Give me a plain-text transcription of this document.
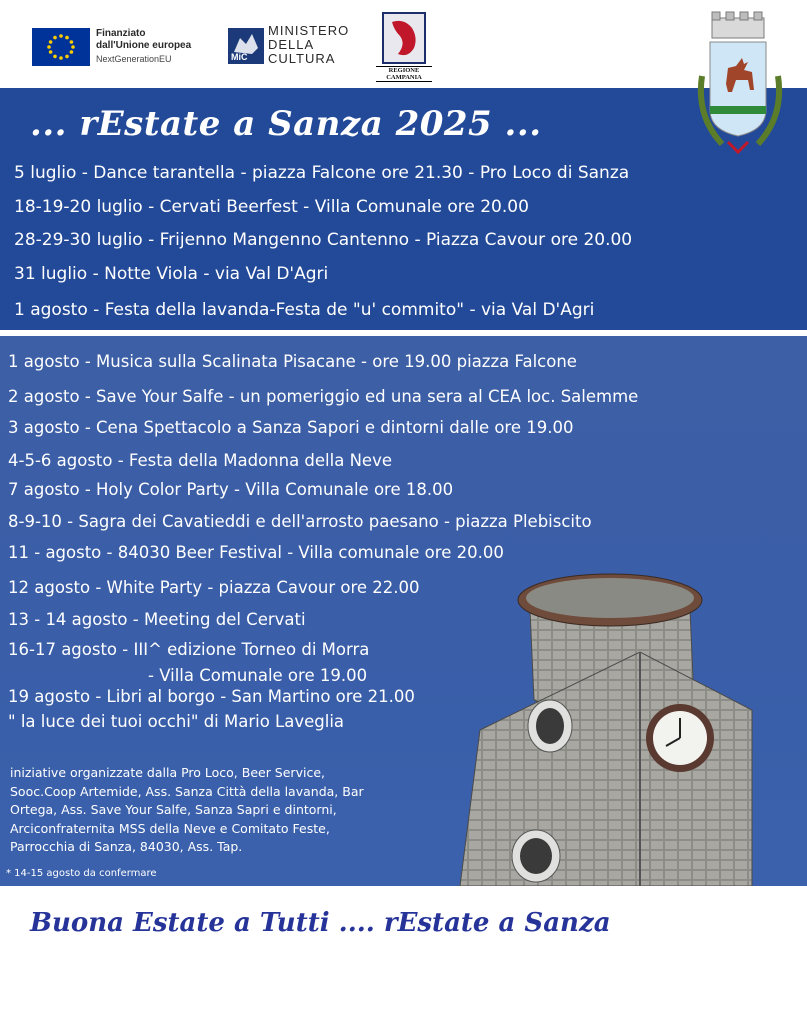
Finanziato
dall'Unione europea
NextGenerationEU	MiC
MINISTERO
DELLA
CULTURA
REGIONE CAMPANIA
... rEstate a Sanza 2025 ...
5 luglio - Dance tarantella - piazza Falcone ore 21.30 - Pro Loco di Sanza
18-19-20 luglio - Cervati Beerfest - Villa Comunale ore 20.00
28-29-30 luglio - Frijenno Mangenno Cantenno - Piazza Cavour ore 20.00
31 luglio - Notte Viola - via Val D'Agri
1 agosto - Festa della lavanda-Festa de "u' commito" - via Val D'Agri
1 agosto - Musica sulla Scalinata Pisacane - ore 19.00 piazza Falcone
2 agosto - Save Your Salfe - un pomeriggio ed una sera al CEA loc. Salemme
3 agosto - Cena Spettacolo a Sanza Sapori e dintorni dalle ore 19.00
4-5-6 agosto - Festa della Madonna della Neve
7 agosto - Holy Color Party - Villa Comunale ore 18.00
8-9-10 - Sagra dei Cavatieddi e dell'arrosto paesano - piazza Plebiscito
11 - agosto - 84030 Beer Festival - Villa comunale ore 20.00
12 agosto - White Party - piazza Cavour ore 22.00
13 - 14 agosto - Meeting del Cervati
16-17 agosto - III^ edizione Torneo di Morra
- Villa Comunale ore 19.00
19 agosto - Libri al borgo - San Martino ore 21.00
" la luce dei tuoi occhi" di Mario Laveglia
iniziative organizzate dalla Pro Loco, Beer Service,
Sooc.Coop Artemide, Ass. Sanza Città della lavanda, Bar
Ortega, Ass. Save Your Salfe, Sanza Sapri e dintorni,
Arciconfraternita MSS della Neve e Comitato Feste,
Parrocchia di Sanza, 84030, Ass. Tap.
* 14-15 agosto da confermare
Buona Estate a Tutti .... rEstate a Sanza
